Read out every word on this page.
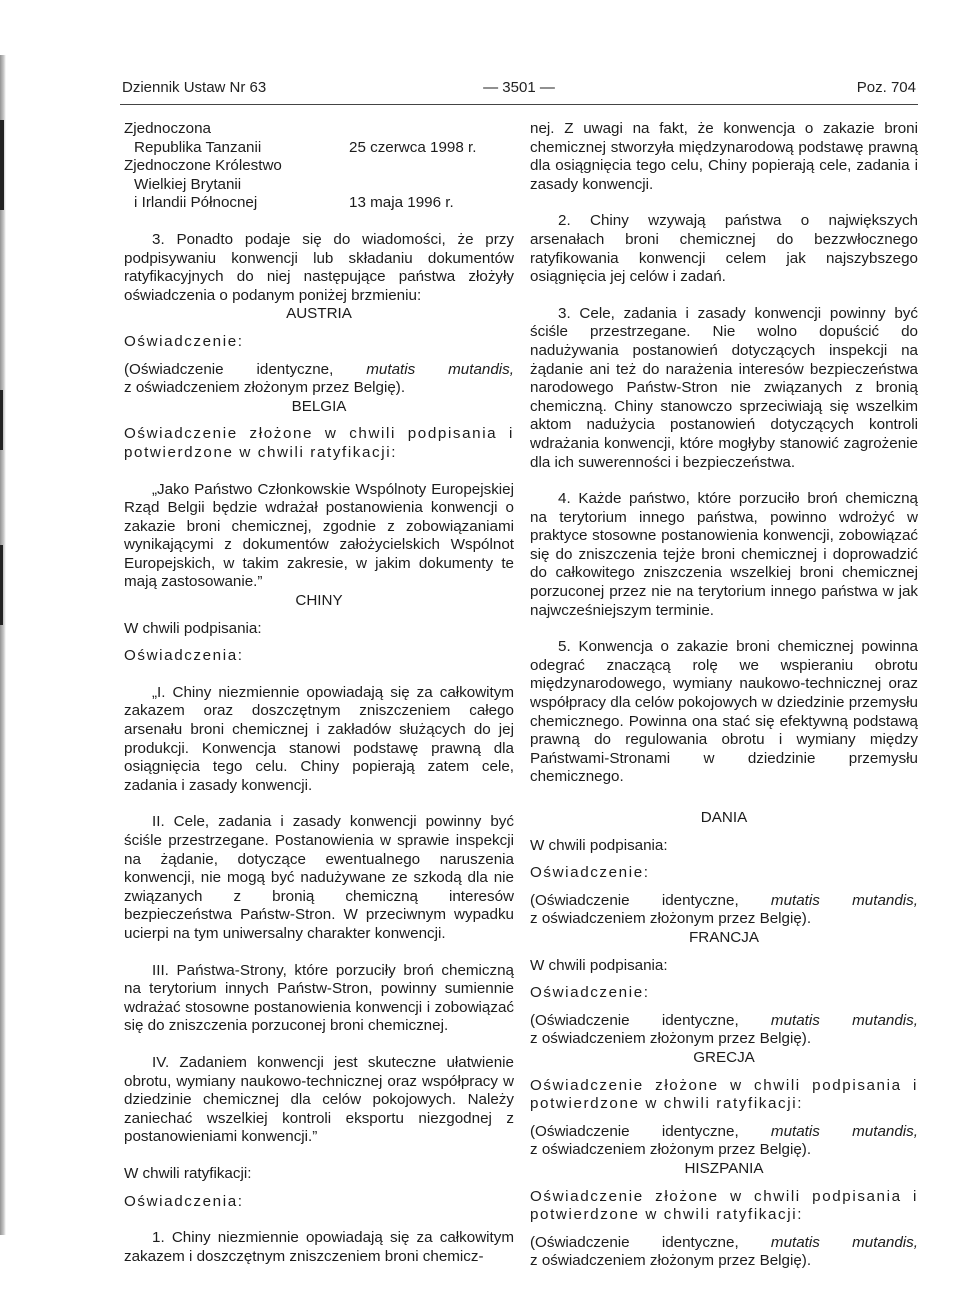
Dziennik Ustaw Nr 63	— 3501 —	Poz. 704
Zjednoczona
Republika Tanzanii	25 czerwca 1998 r.
Zjednoczone Królestwo
Wielkiej Brytanii
i Irlandii Północnej	13 maja 1996 r.

3. Ponadto podaje się do wiadomości, że przy podpisywaniu konwencji lub składaniu dokumentów ratyfikacyjnych do niej następujące państwa złożyły oświadczenia o podanym poniżej brzmieniu:

AUSTRIA

Oświadczenie:

(Oświadczenie identyczne, mutatis mutandis,

z oświadczeniem złożonym przez Belgię).

BELGIA

Oświadczenie złożone w chwili podpisania i potwierdzone w chwili ratyfikacji:

„Jako Państwo Członkowskie Wspólnoty Europejskiej Rząd Belgii będzie wdrażał postanowienia konwencji o zakazie broni chemicznej, zgodnie z zobowiązaniami wynikającymi z dokumentów założycielskich Wspólnot Europejskich, w takim zakresie, w jakim dokumenty te mają zastosowanie.”

CHINY

W chwili podpisania:

Oświadczenia:

„I. Chiny niezmiennie opowiadają się za całkowitym zakazem oraz doszczętnym zniszczeniem całego arsenału broni chemicznej i zakładów służących do jej produkcji. Konwencja stanowi podstawę prawną dla osiągnięcia tego celu. Chiny popierają zatem cele, zadania i zasady konwencji.

II. Cele, zadania i zasady konwencji powinny być ściśle przestrzegane. Postanowienia w sprawie inspekcji na żądanie, dotyczące ewentualnego naruszenia konwencji, nie mogą być nadużywane ze szkodą dla nie związanych z bronią chemiczną interesów bezpieczeństwa Państw-Stron. W przeciwnym wypadku ucierpi na tym uniwersalny charakter konwencji.

III. Państwa-Strony, które porzuciły broń chemiczną na terytorium innych Państw-Stron, powinny sumiennie wdrażać stosowne postanowienia konwencji i zobowiązać się do zniszczenia porzuconej broni chemicznej.

IV. Zadaniem konwencji jest skuteczne ułatwienie obrotu, wymiany naukowo-technicznej oraz współpracy w dziedzinie chemicznej dla celów pokojowych. Należy zaniechać wszelkiej kontroli eksportu niezgodnej z postanowieniami konwencji.”

W chwili ratyfikacji:

Oświadczenia:

1. Chiny niezmiennie opowiadają się za całkowitym zakazem i doszczętnym zniszczeniem broni chemicz-

nej. Z uwagi na fakt, że konwencja o zakazie broni chemicznej stworzyła międzynarodową podstawę prawną dla osiągnięcia tego celu, Chiny popierają cele, zadania i zasady konwencji.

2. Chiny wzywają państwa o największych arsenałach broni chemicznej do bezzwłocznego ratyfikowania konwencji celem jak najszybszego osiągnięcia jej celów i zadań.

3. Cele, zadania i zasady konwencji powinny być ściśle przestrzegane. Nie wolno dopuścić do nadużywania postanowień dotyczących inspekcji na żądanie ani też do narażenia interesów bezpieczeństwa narodowego Państw-Stron nie związanych z bronią chemiczną. Chiny stanowczo sprzeciwiają się wszelkim aktom nadużycia postanowień dotyczących kontroli wdrażania konwencji, które mogłyby stanowić zagrożenie dla ich suwerenności i bezpieczeństwa.

4. Każde państwo, które porzuciło broń chemiczną na terytorium innego państwa, powinno wdrożyć w praktyce stosowne postanowienia konwencji, zobowiązać się do zniszczenia tejże broni chemicznej i doprowadzić do całkowitego zniszczenia wszelkiej broni chemicznej porzuconej przez nie na terytorium innego państwa w jak najwcześniejszym terminie.

5. Konwencja o zakazie broni chemicznej powinna odegrać znaczącą rolę we wspieraniu obrotu międzynarodowego, wymiany naukowo-technicznej oraz współpracy dla celów pokojowych w dziedzinie przemysłu chemicznego. Powinna ona stać się efektywną podstawą prawną do regulowania obrotu i wymiany między Państwami-Stronami w dziedzinie przemysłu chemicznego.

DANIA

W chwili podpisania:

Oświadczenie:

(Oświadczenie identyczne, mutatis mutandis,

z oświadczeniem złożonym przez Belgię).

FRANCJA

W chwili podpisania:

Oświadczenie:

(Oświadczenie identyczne, mutatis mutandis,

z oświadczeniem złożonym przez Belgię).

GRECJA

Oświadczenie złożone w chwili podpisania i potwierdzone w chwili ratyfikacji:

(Oświadczenie identyczne, mutatis mutandis,

z oświadczeniem złożonym przez Belgię).

HISZPANIA

Oświadczenie złożone w chwili podpisania i potwierdzone w chwili ratyfikacji:

(Oświadczenie identyczne, mutatis mutandis,

z oświadczeniem złożonym przez Belgię).
